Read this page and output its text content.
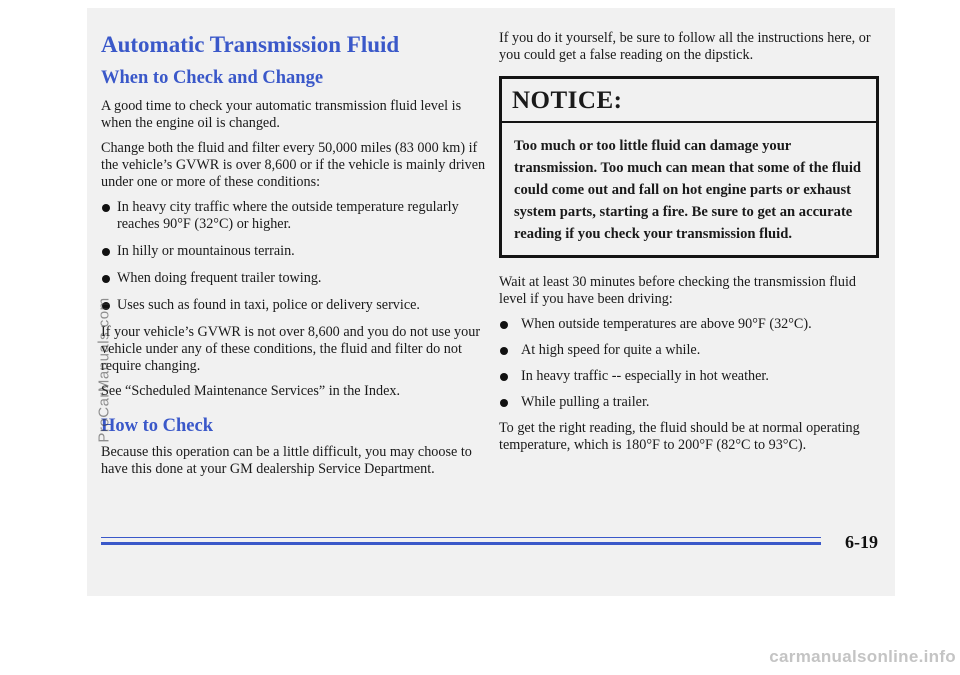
Automatic Transmission Fluid
When to Check and Change

A good time to check your automatic transmission fluid level is when the engine oil is changed.

Change both the fluid and filter every 50,000 miles (83 000 km) if the vehicle’s GVWR is over 8,600 or if the vehicle is mainly driven under one or more of these conditions:

In heavy city traffic where the outside temperature regularly reaches 90°F (32°C) or higher.
In hilly or mountainous terrain.
When doing frequent trailer towing.
Uses such as found in taxi, police or delivery service.

If your vehicle’s GVWR is not over 8,600 and you do not use your vehicle under any of these conditions, the fluid and filter do not require changing.

See “Scheduled Maintenance Services” in the Index.

How to Check

Because this operation can be a little difficult, you may choose to have this done at your GM dealership Service Department.

If you do it yourself, be sure to follow all the instructions here, or you could get a false reading on the dipstick.

NOTICE:
Too much or too little fluid can damage your transmission. Too much can mean that some of the fluid could come out and fall on hot engine parts or exhaust system parts, starting a fire. Be sure to get an accurate reading if you check your transmission fluid.

Wait at least 30 minutes before checking the transmission fluid level if you have been driving:

When outside temperatures are above 90°F (32°C).
At high speed for quite a while.
In heavy traffic -- especially in hot weather.
While pulling a trailer.

To get the right reading, the fluid should be at normal operating temperature, which is 180°F to 200°F (82°C to 93°C).

6-19
ProCarManuals.com
carmanualsonline.info
